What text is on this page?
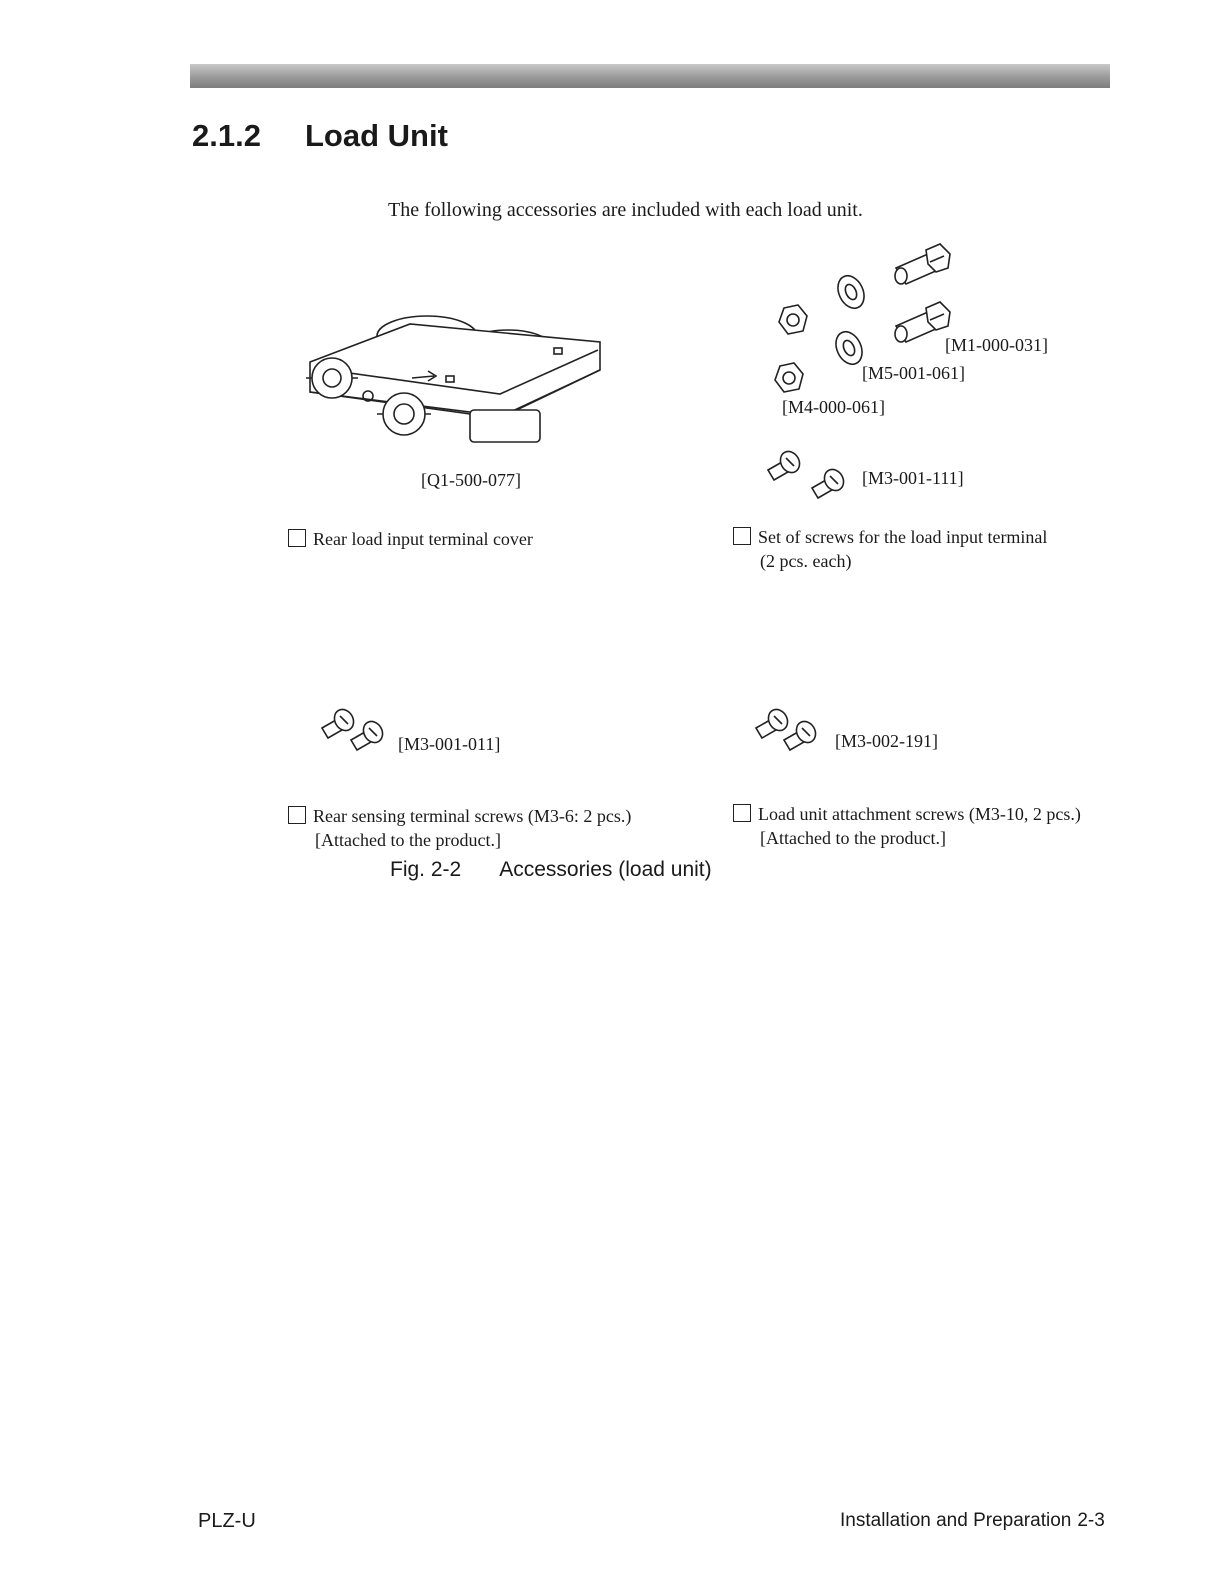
2.1.2 Load Unit
The following accessories are included with each load unit.
[Q1-500-077]
Rear load input terminal cover
[M1-000-031]
[M5-001-061]
[M4-000-061]
[M3-001-111]
Set of screws for the load input terminal
(2 pcs. each)
[M3-001-011]
Rear sensing terminal screws (M3-6: 2 pcs.)
[Attached to the product.]
[M3-002-191]
Load unit attachment screws (M3-10, 2 pcs.)
[Attached to the product.]
Fig. 2-2 Accessories (load unit)
PLZ-U	Installation and Preparation 2-3
